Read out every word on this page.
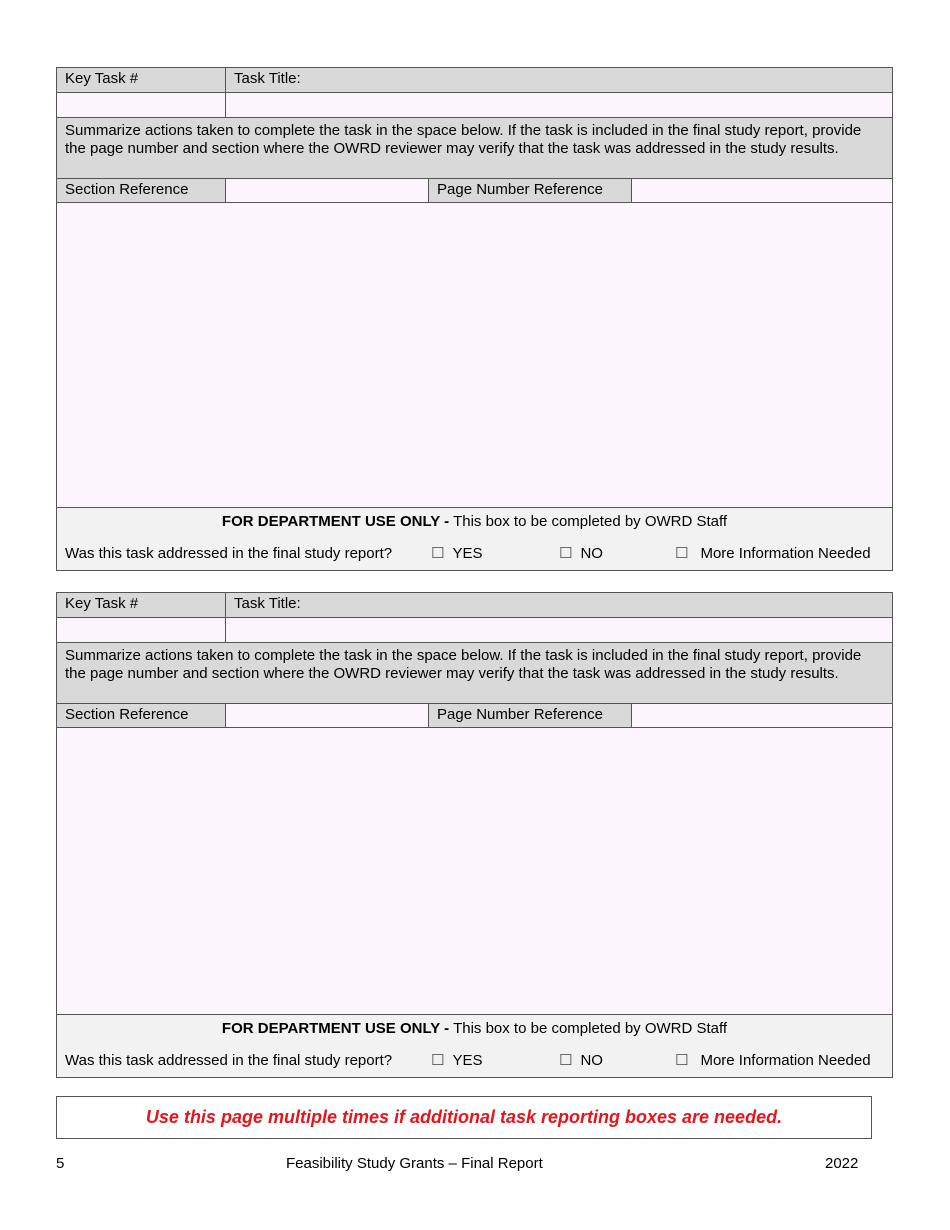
Key Task #	Task Title:
Summarize actions taken to complete the task in the space below. If the task is included in the final study report, provide the page number and section where the OWRD reviewer may verify that the task was addressed in the study results.
Section Reference	Page Number Reference
FOR DEPARTMENT USE ONLY - This box to be completed by OWRD Staff
Was this task addressed in the final study report?	☐ YES	☐ NO	☐ More Information Needed
Key Task #	Task Title:
Summarize actions taken to complete the task in the space below. If the task is included in the final study report, provide the page number and section where the OWRD reviewer may verify that the task was addressed in the study results.
Section Reference	Page Number Reference
FOR DEPARTMENT USE ONLY - This box to be completed by OWRD Staff
Was this task addressed in the final study report?	☐ YES	☐ NO	☐ More Information Needed
Use this page multiple times if additional task reporting boxes are needed.
5	Feasibility Study Grants – Final Report	2022
